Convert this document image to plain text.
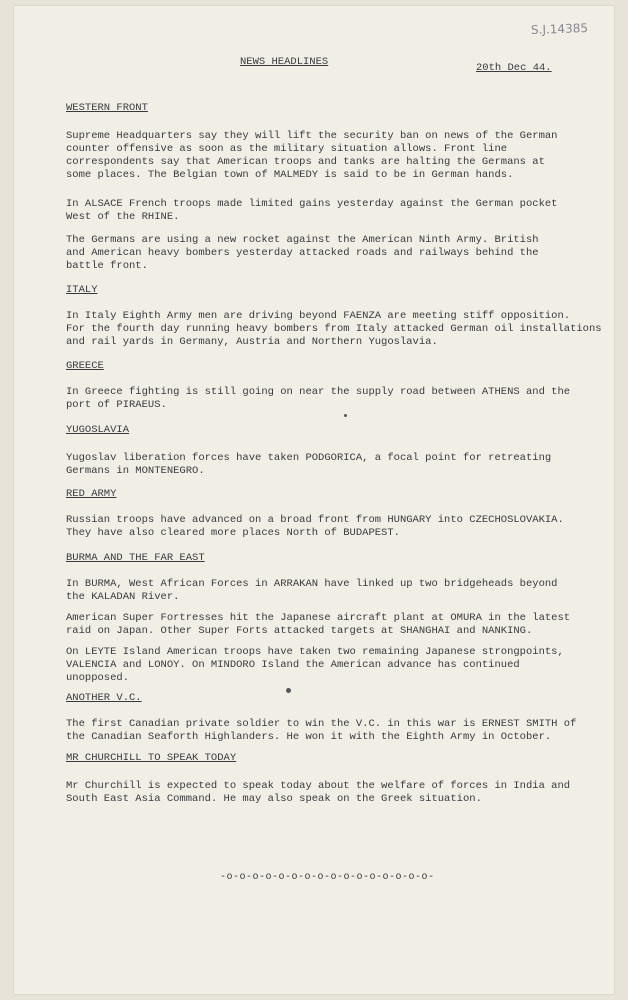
S.J.14385
NEWS HEADLINES	20th Dec 44.
WESTERN FRONT
Supreme Headquarters say they will lift the security ban on news of the German
counter offensive as soon as the military situation allows. Front line
correspondents say that American troops and tanks are halting the Germans at
some places. The Belgian town of MALMEDY is said to be in German hands.
In ALSACE French troops made limited gains yesterday against the German pocket
West of the RHINE.
The Germans are using a new rocket against the American Ninth Army. British
and American heavy bombers yesterday attacked roads and railways behind the
battle front.
ITALY
In Italy Eighth Army men are driving beyond FAENZA are meeting stiff opposition.
For the fourth day running heavy bombers from Italy attacked German oil installations
and rail yards in Germany, Austria and Northern Yugoslavia.
GREECE
In Greece fighting is still going on near the supply road between ATHENS and the
port of PIRAEUS.
YUGOSLAVIA
Yugoslav liberation forces have taken PODGORICA, a focal point for retreating
Germans in MONTENEGRO.
RED ARMY
Russian troops have advanced on a broad front from HUNGARY into CZECHOSLOVAKIA.
They have also cleared more places North of BUDAPEST.
BURMA AND THE FAR EAST
In BURMA, West African Forces in ARRAKAN have linked up two bridgeheads beyond
the KALADAN River.
American Super Fortresses hit the Japanese aircraft plant at OMURA in the latest
raid on Japan. Other Super Forts attacked targets at SHANGHAI and NANKING.
On LEYTE Island American troops have taken two remaining Japanese strongpoints,
VALENCIA and LONOY. On MINDORO Island the American advance has continued
unopposed.
ANOTHER V.C.
The first Canadian private soldier to win the V.C. in this war is ERNEST SMITH of
the Canadian Seaforth Highlanders. He won it with the Eighth Army in October.
MR CHURCHILL TO SPEAK TODAY
Mr Churchill is expected to speak today about the welfare of forces in India and
South East Asia Command. He may also speak on the Greek situation.
-o-o-o-o-o-o-o-o-o-o-o-o-o-o-o-o-
